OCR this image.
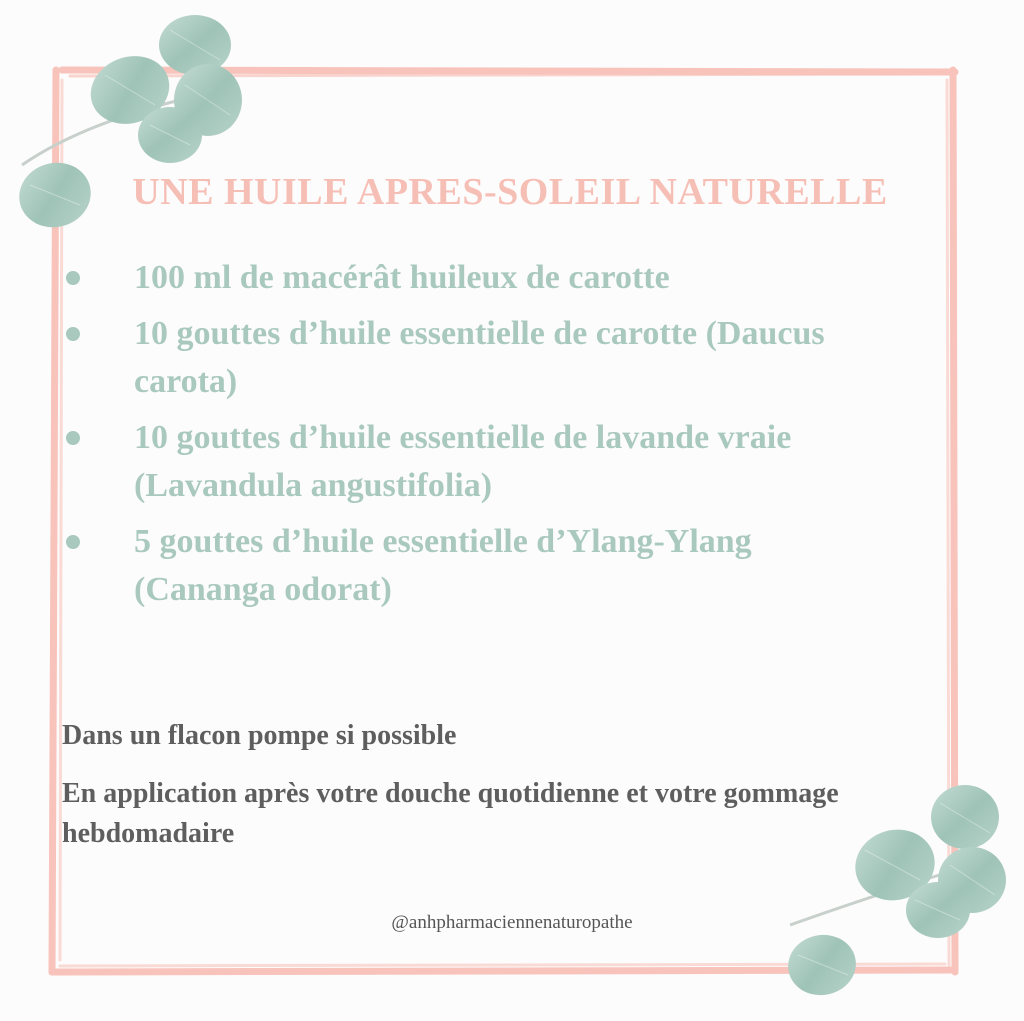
UNE HUILE APRES-SOLEIL NATURELLE
100 ml de macérât huileux de carotte
10 gouttes d’huile essentielle de carotte (Daucus carota)
10 gouttes d’huile essentielle de lavande vraie (Lavandula angustifolia)
5 gouttes d’huile essentielle d’Ylang-Ylang (Cananga odorat)
Dans un flacon pompe si possible
En application après votre douche quotidienne et votre gommage hebdomadaire
@anhpharmaciennenaturopathe
